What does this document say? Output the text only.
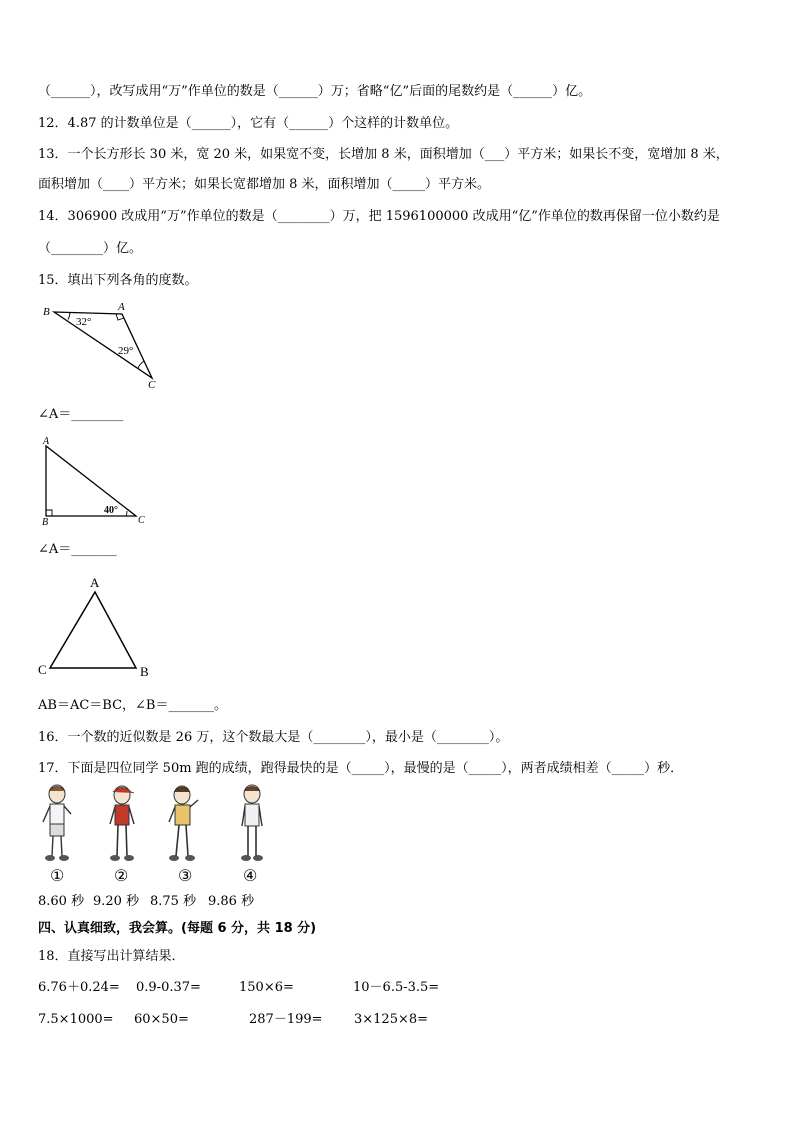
（______），改写成用“万”作单位的数是（______）万；省略“亿”后面的尾数约是（______）亿。
12．4.87 的计数单位是（______），它有（______）个这样的计数单位。
13．一个长方形长 30 米，宽 20 米，如果宽不变，长增加 8 米，面积增加（___）平方米；如果长不变，宽增加 8 米，
面积增加（____）平方米；如果长宽都增加 8 米，面积增加（_____）平方米。
14．306900 改成用“万”作单位的数是（________）万，把 1596100000 改成用“亿”作单位的数再保留一位小数约是
（________）亿。
15．填出下列各角的度数。
B	A
C
32°
29°
∠A＝________
A
B	C
40°
∠A＝_______
A
C	B
AB＝AC＝BC，∠B＝_______。
16．一个数的近似数是 26 万，这个数最大是（________），最小是（________）。
17．下面是四位同学 50m 跑的成绩，跑得最快的是（_____），最慢的是（_____），两者成绩相差（_____）秒．
①	②	③	④
8.60 秒 9.20 秒 8.75 秒 9.86 秒
四、认真细致，我会算。(每题 6 分，共 18 分)
18．直接写出计算结果．
6.76＋0.24= 0.9-0.37=	150×6=	10－6.5-3.5=
7.5×1000= 60×50=	287－199= 3×125×8=
